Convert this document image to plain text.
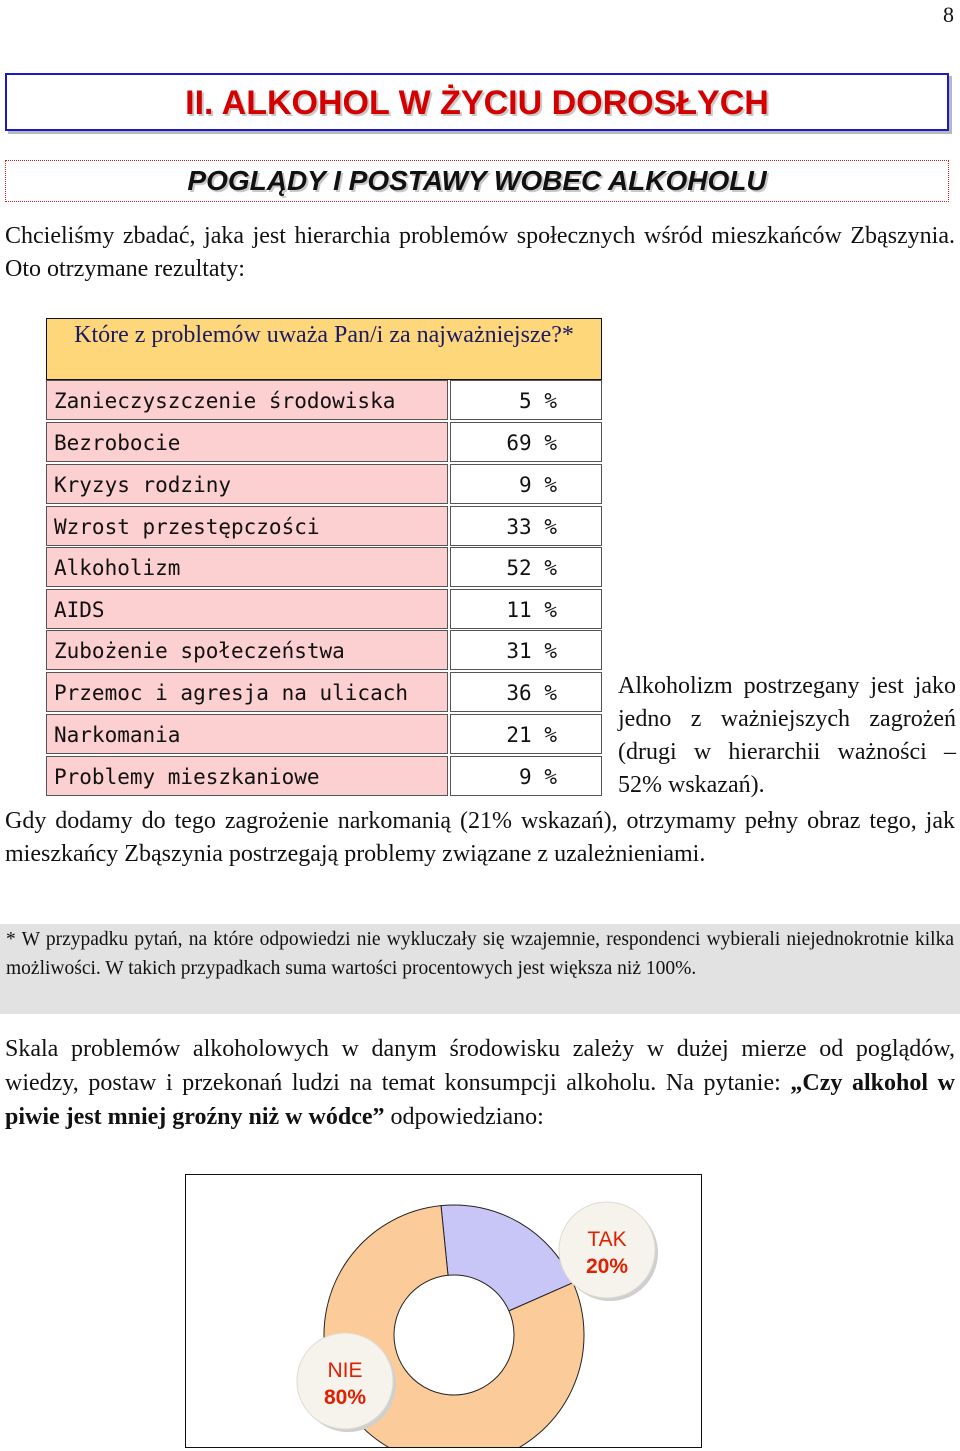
8
II. ALKOHOL W ŻYCIU DOROSŁYCH
POGLĄDY I POSTAWY WOBEC ALKOHOLU
Chcieliśmy zbadać, jaka jest hierarchia problemów społecznych wśród mieszkańców Zbąszynia. Oto otrzymane rezultaty:
Które z problemów uważa Pan/i za najważniejsze?*
Zanieczyszczenie środowiska	5 %
Bezrobocie	69 %
Kryzys rodziny	9 %
Wzrost przestępczości	33 %
Alkoholizm	52 %
AIDS	11 %
Zubożenie społeczeństwa	31 %
Przemoc i agresja na ulicach	36 %
Narkomania	21 %
Problemy mieszkaniowe	9 %
Alkoholizm postrzegany jest jako jedno z ważniejszych zagrożeń (drugi w hierarchii ważności – 52% wskazań).
Gdy dodamy do tego zagrożenie narkomanią (21% wskazań), otrzymamy pełny obraz tego, jak mieszkańcy Zbąszynia postrzegają problemy związane z uzależnieniami.
* W przypadku pytań, na które odpowiedzi nie wykluczały się wzajemnie, respondenci wybierali niejednokrotnie kilka możliwości. W takich przypadkach suma wartości procentowych jest większa niż 100%.
Skala problemów alkoholowych w danym środowisku zależy w dużej mierze od poglądów, wiedzy, postaw i przekonań ludzi na temat konsumpcji alkoholu. Na pytanie: „Czy alkohol w piwie jest mniej groźny niż w wódce” odpowiedziano:
TAK
20%
NIE
80%
